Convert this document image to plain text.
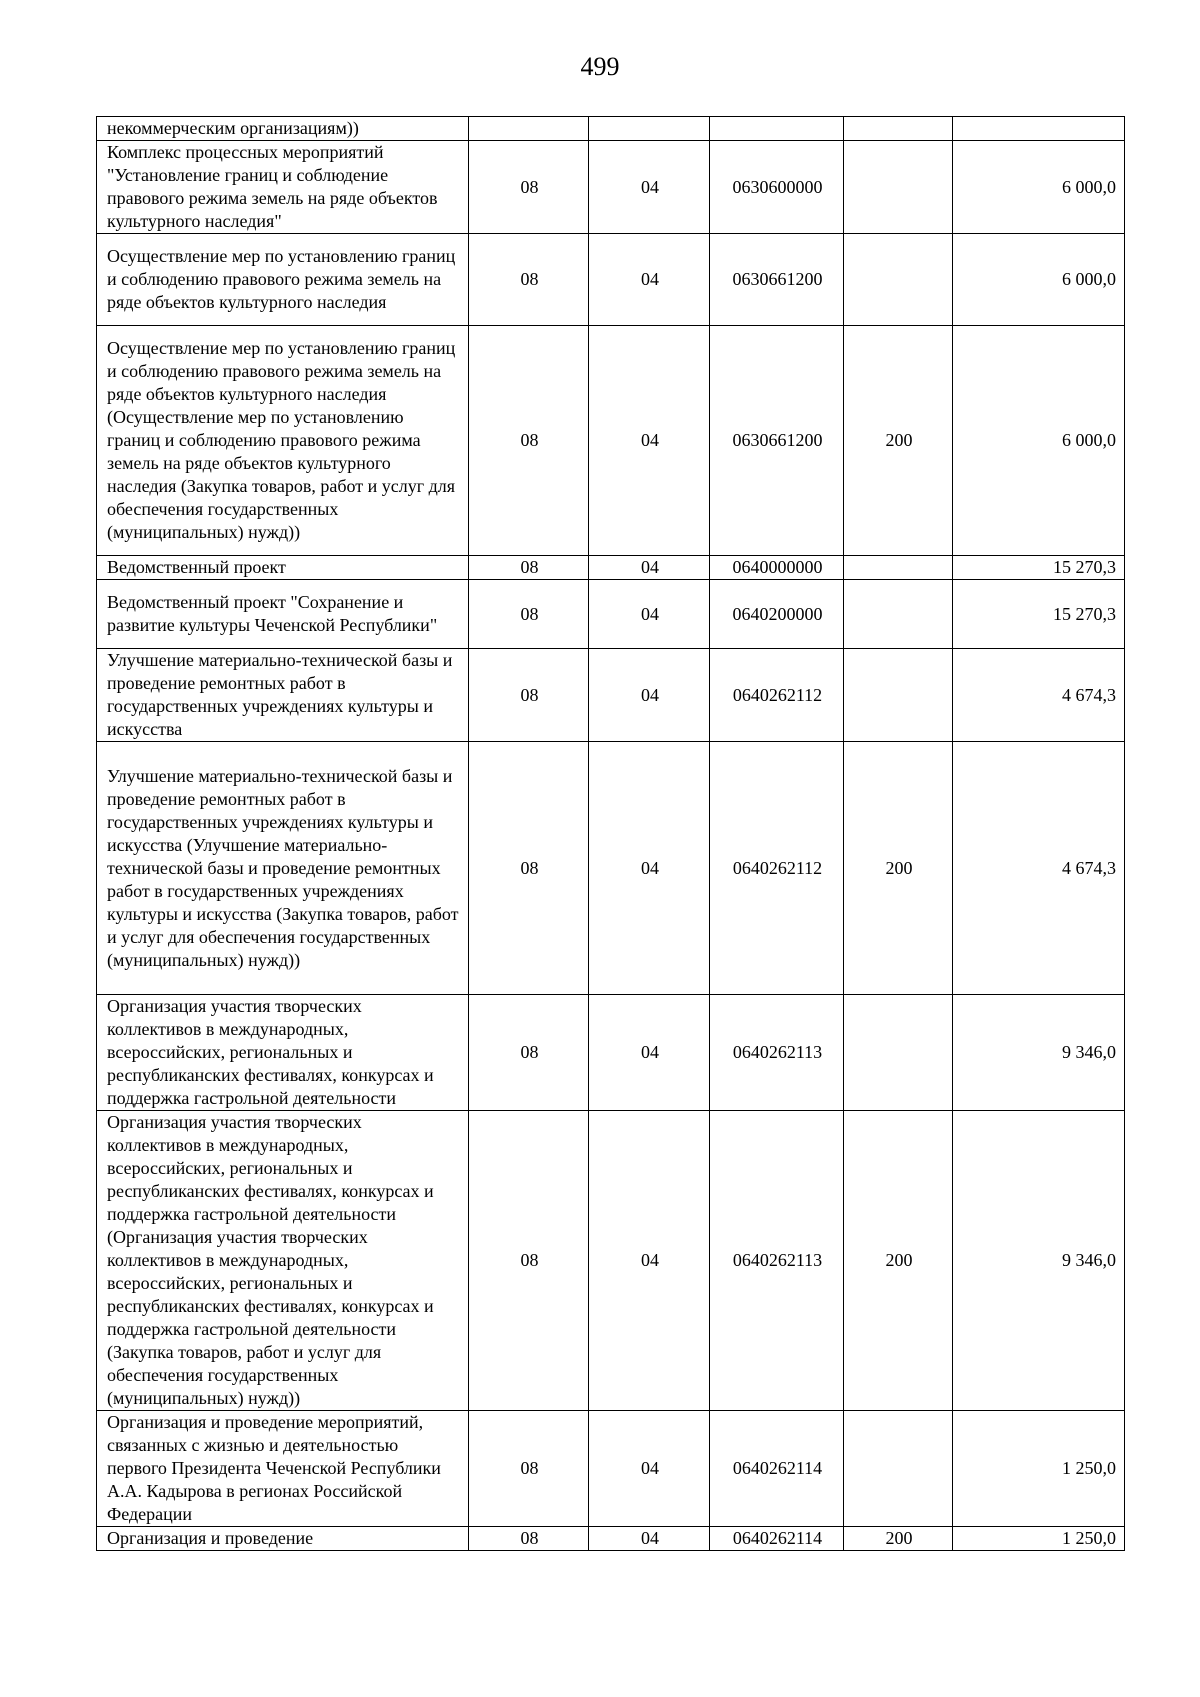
499
некоммерческим организациям))					
Комплекс процессных мероприятий "Установление границ и соблюдение правового режима земель на ряде объектов культурного наследия"	08	04	0630600000		6 000,0
Осуществление мер по установлению границ и соблюдению правового режима земель на ряде объектов культурного наследия	08	04	0630661200		6 000,0
Осуществление мер по установлению границ и соблюдению правового режима земель на ряде объектов культурного наследия (Осуществление мер по установлению границ и соблюдению правового режима земель на ряде объектов культурного наследия (Закупка товаров, работ и услуг для обеспечения государственных (муниципальных) нужд))	08	04	0630661200	200	6 000,0
Ведомственный проект	08	04	0640000000		15 270,3
Ведомственный проект "Сохранение и развитие культуры Чеченской Республики"	08	04	0640200000		15 270,3
Улучшение материально-технической базы и проведение ремонтных работ в государственных учреждениях культуры и искусства	08	04	0640262112		4 674,3
Улучшение материально-технической базы и проведение ремонтных работ в государственных учреждениях культуры и искусства (Улучшение материально-технической базы и проведение ремонтных работ в государственных учреждениях культуры и искусства (Закупка товаров, работ и услуг для обеспечения государственных (муниципальных) нужд))	08	04	0640262112	200	4 674,3
Организация участия творческих коллективов в международных, всероссийских, региональных и республиканских фестивалях, конкурсах и поддержка гастрольной деятельности	08	04	0640262113		9 346,0
Организация участия творческих коллективов в международных, всероссийских, региональных и республиканских фестивалях, конкурсах и поддержка гастрольной деятельности (Организация участия творческих коллективов в международных, всероссийских, региональных и республиканских фестивалях, конкурсах и поддержка гастрольной деятельности (Закупка товаров, работ и услуг для обеспечения государственных (муниципальных) нужд))	08	04	0640262113	200	9 346,0
Организация и проведение мероприятий, связанных с жизнью и деятельностью первого Президента Чеченской Республики А.А. Кадырова в регионах Российской Федерации	08	04	0640262114		1 250,0
Организация и проведение	08	04	0640262114	200	1 250,0
